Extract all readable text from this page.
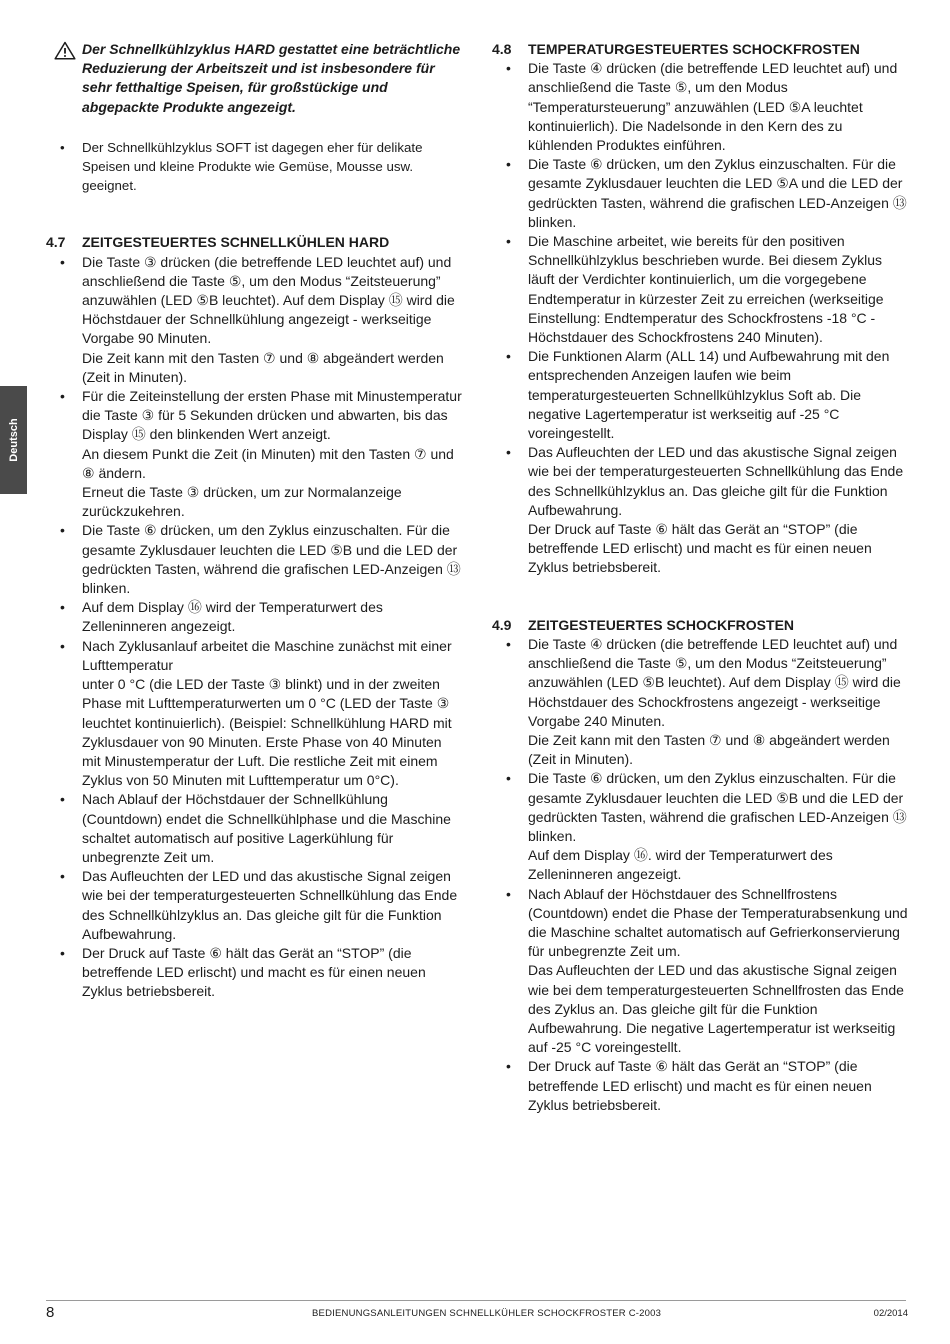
Deutsch
Der Schnellkühlzyklus HARD gestattet eine beträchtliche Reduzierung der Arbeitszeit und ist insbesondere für sehr fetthaltige Speisen, für großstückige und abgepackte Produkte angezeigt.
• Der Schnellkühlzyklus SOFT ist dagegen eher für delikate Speisen und kleine Produkte wie Gemüse, Mousse usw. geeignet.
4.7	ZEITGESTEUERTES SCHNELLKÜHLEN HARD
• Die Taste ③ drücken (die betreffende LED leuchtet auf) und anschließend die Taste ⑤, um den Modus “Zeitsteuerung” anzuwählen (LED ⑤B leuchtet). Auf dem Display ⑮ wird die Höchstdauer der Schnellkühlung angezeigt - werkseitige Vorgabe 90 Minuten.

Die Zeit kann mit den Tasten ⑦ und ⑧ abgeändert werden (Zeit in Minuten).

• Für die Zeiteinstellung der ersten Phase mit Minustemperatur die Taste ③ für 5 Sekunden drücken und abwarten, bis das Display ⑮ den blinkenden Wert anzeigt.

An diesem Punkt die Zeit (in Minuten) mit den Tasten ⑦ und ⑧ ändern.

Erneut die Taste ③ drücken, um zur Normalanzeige zurückzukehren.

• Die Taste ⑥ drücken, um den Zyklus einzuschalten. Für die gesamte Zyklusdauer leuchten die LED ⑤B und die LED der gedrückten Tasten, während die grafischen LED-Anzeigen ⑬ blinken.

• Auf dem Display ⑯ wird der Temperaturwert des Zelleninneren angezeigt.

• Nach Zyklusanlauf arbeitet die Maschine zunächst mit einer Lufttemperatur

unter 0 °C (die LED der Taste ③ blinkt) und in der zweiten Phase mit Lufttemperaturwerten um 0 °C (LED der Taste ③ leuchtet kontinuierlich). (Beispiel: Schnellkühlung HARD mit Zyklusdauer von 90 Minuten. Erste Phase von 40 Minuten mit Minustemperatur der Luft. Die restliche Zeit mit einem Zyklus von 50 Minuten mit Lufttemperatur um 0°C).

• Nach Ablauf der Höchstdauer der Schnellkühlung (Countdown) endet die Schnellkühlphase und die Maschine schaltet automatisch auf positive Lagerkühlung für unbegrenzte Zeit um.

• Das Aufleuchten der LED und das akustische Signal zeigen wie bei der temperaturgesteuerten Schnellkühlung das Ende des Schnellkühlzyklus an. Das gleiche gilt für die Funktion Aufbewahrung.

• Der Druck auf Taste ⑥ hält das Gerät an “STOP” (die betreffende LED erlischt) und macht es für einen neuen Zyklus betriebsbereit.

4.8	TEMPERATURGESTEUERTES SCHOCKFROSTEN
• Die Taste ④ drücken (die betreffende LED leuchtet auf) und anschließend die Taste ⑤, um den Modus “Temperatursteuerung” anzuwählen (LED ⑤A leuchtet kontinuierlich). Die Nadelsonde in den Kern des zu kühlenden Produktes einführen.

• Die Taste ⑥ drücken, um den Zyklus einzuschalten. Für die gesamte Zyklusdauer leuchten die LED ⑤A und die LED der gedrückten Tasten, während die grafischen LED-Anzeigen ⑬ blinken.

• Die Maschine arbeitet, wie bereits für den positiven Schnellkühlzyklus beschrieben wurde. Bei diesem Zyklus läuft der Verdichter kontinuierlich, um die vorgegebene Endtemperatur in kürzester Zeit zu erreichen (werkseitige Einstellung: Endtemperatur des Schockfrostens -18 °C - Höchstdauer des Schockfrostens 240 Minuten).

• Die Funktionen Alarm (ALL 14) und Aufbewahrung mit den entsprechenden Anzeigen laufen wie beim temperaturgesteuerten Schnellkühlzyklus Soft ab. Die negative Lagertemperatur ist werkseitig auf -25 °C voreingestellt.

• Das Aufleuchten der LED und das akustische Signal zeigen wie bei der temperaturgesteuerten Schnellkühlung das Ende des Schnellkühlzyklus an. Das gleiche gilt für die Funktion Aufbewahrung.

Der Druck auf Taste ⑥ hält das Gerät an “STOP” (die betreffende LED erlischt) und macht es für einen neuen Zyklus betriebsbereit.

4.9	ZEITGESTEUERTES SCHOCKFROSTEN
• Die Taste ④ drücken (die betreffende LED leuchtet auf) und anschließend die Taste ⑤, um den Modus “Zeitsteuerung” anzuwählen (LED ⑤B leuchtet). Auf dem Display ⑮ wird die Höchstdauer des Schockfrostens angezeigt - werkseitige Vorgabe 240 Minuten.

Die Zeit kann mit den Tasten ⑦ und ⑧ abgeändert werden (Zeit in Minuten).

• Die Taste ⑥ drücken, um den Zyklus einzuschalten. Für die gesamte Zyklusdauer leuchten die LED ⑤B und die LED der gedrückten Tasten, während die grafischen LED-Anzeigen ⑬ blinken.

Auf dem Display ⑯. wird der Temperaturwert des Zelleninneren angezeigt.

• Nach Ablauf der Höchstdauer des Schnellfrostens (Countdown) endet die Phase der Temperaturabsenkung und die Maschine schaltet automatisch auf Gefrierkonservierung für unbegrenzte Zeit um.

Das Aufleuchten der LED und das akustische Signal zeigen wie bei dem temperaturgesteuerten Schnellfrosten das Ende des Zyklus an. Das gleiche gilt für die Funktion Aufbewahrung. Die negative Lagertemperatur ist werkseitig auf -25 °C voreingestellt.

• Der Druck auf Taste ⑥ hält das Gerät an “STOP” (die betreffende LED erlischt) und macht es für einen neuen Zyklus betriebsbereit.

8	BEDIENUNGSANLEITUNGEN SCHNELLKÜHLER SCHOCKFROSTER C-2003	02/2014
